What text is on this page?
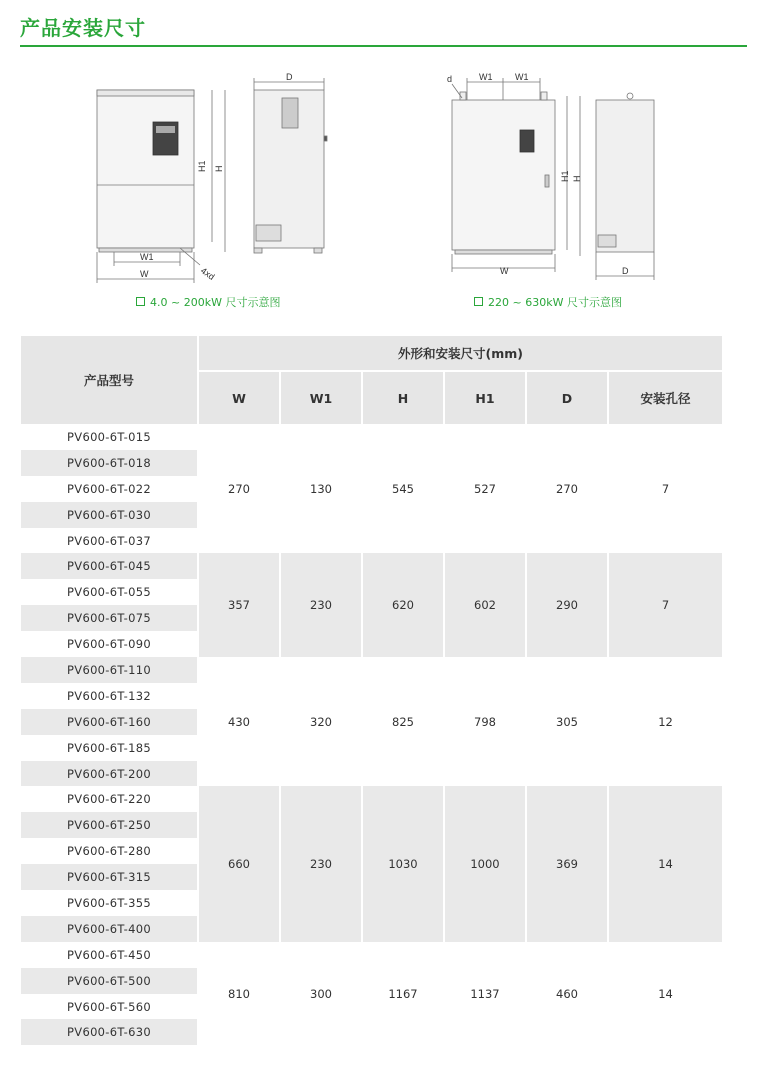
产品安装尺寸
D
H1 H
W1
W	4xd
d	W1	W1
H1 H
W	D
4.0 ~ 200kW 尺寸示意图	220 ~ 630kW 尺寸示意图
产品型号	外形和安装尺寸(mm)					
	W	W1	H	H1	D	安装孔径
PV600-6T-015	270	130	545	527	270	7
PV600-6T-018						
PV600-6T-022						
PV600-6T-030						
PV600-6T-037						
PV600-6T-045	357	230	620	602	290	7
PV600-6T-055						
PV600-6T-075						
PV600-6T-090						
PV600-6T-110	430	320	825	798	305	12
PV600-6T-132						
PV600-6T-160						
PV600-6T-185						
PV600-6T-200						
PV600-6T-220	660	230	1030	1000	369	14
PV600-6T-250						
PV600-6T-280						
PV600-6T-315						
PV600-6T-355						
PV600-6T-400						
PV600-6T-450	810	300	1167	1137	460	14
PV600-6T-500						
PV600-6T-560						
PV600-6T-630						
